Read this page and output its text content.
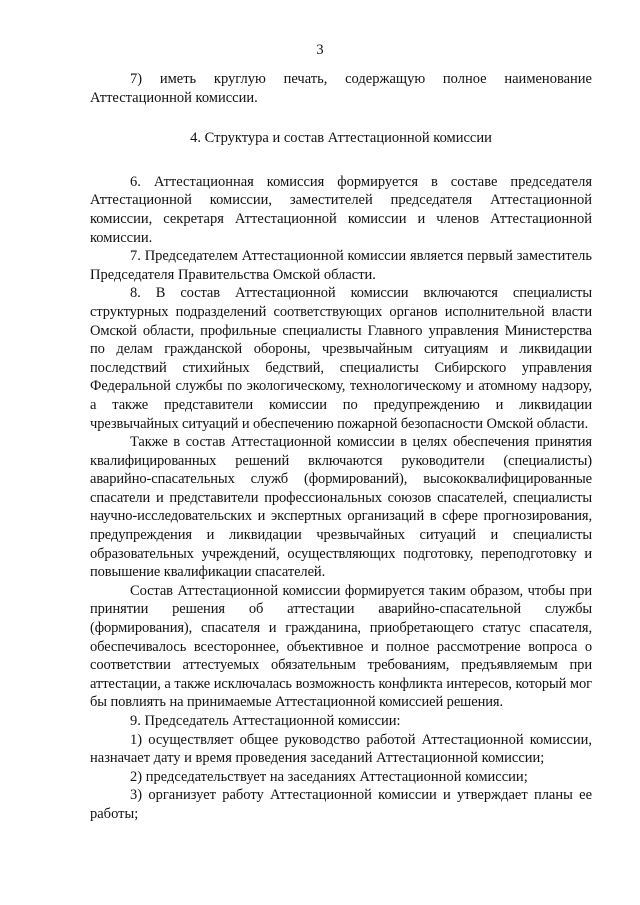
3

7) иметь круглую печать, содержащую полное наименование Аттестационной комиссии.

4. Структура и состав Аттестационной комиссии

6. Аттестационная комиссия формируется в составе председателя Аттестационной комиссии, заместителей председателя Аттестационной комиссии, секретаря Аттестационной комиссии и членов Аттестационной комиссии.

7. Председателем Аттестационной комиссии является первый заместитель Председателя Правительства Омской области.

8. В состав Аттестационной комиссии включаются специалисты структурных подразделений соответствующих органов исполнительной власти Омской области, профильные специалисты Главного управления Министерства по делам гражданской обороны, чрезвычайным ситуациям и ликвидации последствий стихийных бедствий, специалисты Сибирского управления Федеральной службы по экологическому, технологическому и атомному надзору, а также представители комиссии по предупреждению и ликвидации чрезвычайных ситуаций и обеспечению пожарной безопасности Омской области.

Также в состав Аттестационной комиссии в целях обеспечения принятия квалифицированных решений включаются руководители (специалисты) аварийно-спасательных служб (формирований), высококвалифицированные спасатели и представители профессиональных союзов спасателей, специалисты научно-исследовательских и экспертных организаций в сфере прогнозирования, предупреждения и ликвидации чрезвычайных ситуаций и специалисты образовательных учреждений, осуществляющих подготовку, переподготовку и повышение квалификации спасателей.

Состав Аттестационной комиссии формируется таким образом, чтобы при принятии решения об аттестации аварийно-спасательной службы (формирования), спасателя и гражданина, приобретающего статус спасателя, обеспечивалось всестороннее, объективное и полное рассмотрение вопроса о соответствии аттестуемых обязательным требованиям, предъявляемым при аттестации, а также исключалась возможность конфликта интересов, который мог бы повлиять на принимаемые Аттестационной комиссией решения.

9. Председатель Аттестационной комиссии:

1) осуществляет общее руководство работой Аттестационной комиссии, назначает дату и время проведения заседаний Аттестационной комиссии;

2) председательствует на заседаниях Аттестационной комиссии;

3) организует работу Аттестационной комиссии и утверждает планы ее работы;
